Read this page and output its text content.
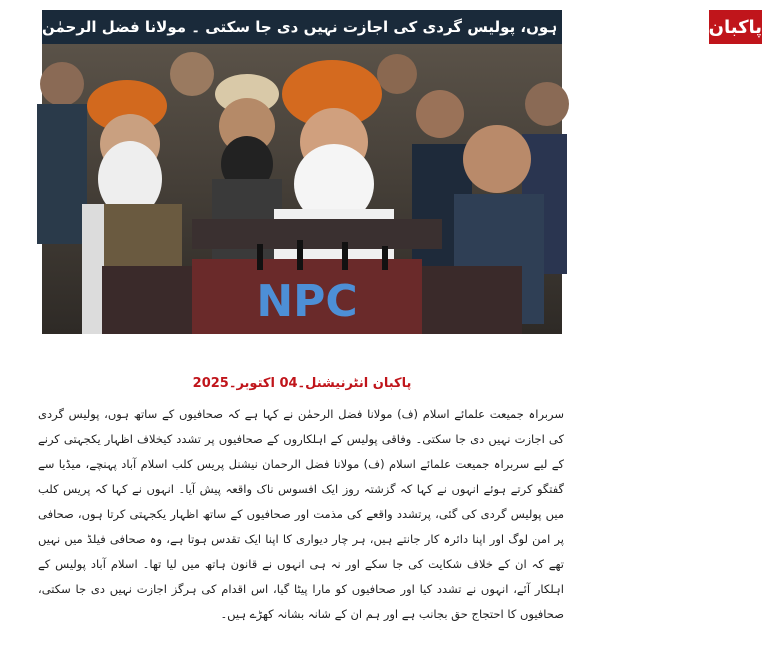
صحافیوں کے ساتھ ہوں، پولیس گردی کی اجازت نہیں دی جا سکتی ۔ مولانا فضل الرحمٰن پاکبان
NPC
پاکبان انٹرنیشنل۔04 اکتوبر۔2025
سربراہ جمیعت علمائے اسلام (ف) مولانا فضل الرحمٰن نے کہا ہے کہ صحافیوں کے ساتھ ہوں، پولیس گردی کی اجازت نہیں دی جا سکتی۔ وفاقی پولیس کے اہلکاروں کے صحافیوں پر تشدد کیخلاف اظہار یکجہتی کرنے کے لیے سربراہ جمیعت علمائے اسلام (ف) مولانا فضل الرحمان نیشنل پریس کلب اسلام آباد پہنچے، میڈیا سے گفتگو کرتے ہوئے انہوں نے کہا کہ گزشتہ روز ایک افسوس ناک واقعہ پیش آیا۔ انہوں نے کہا کہ پریس کلب میں پولیس گردی کی گئی، پرتشدد واقعے کی مذمت اور صحافیوں کے ساتھ اظہار یکجہتی کرتا ہوں، صحافی پر امن لوگ اور اپنا دائرہ کار جانتے ہیں، ہر چار دیواری کا اپنا ایک تقدس ہوتا ہے، وہ صحافی فیلڈ میں نہیں تھے کہ ان کے خلاف شکایت کی جا سکے اور نہ ہی انہوں نے قانون ہاتھ میں لیا تھا۔ اسلام آباد پولیس کے اہلکار آئے، انہوں نے تشدد کیا اور صحافیوں کو مارا پیٹا گیا، اس اقدام کی ہرگز اجازت نہیں دی جا سکتی، صحافیوں کا احتجاج حق بجانب ہے اور ہم ان کے شانہ بشانہ کھڑے ہیں۔
